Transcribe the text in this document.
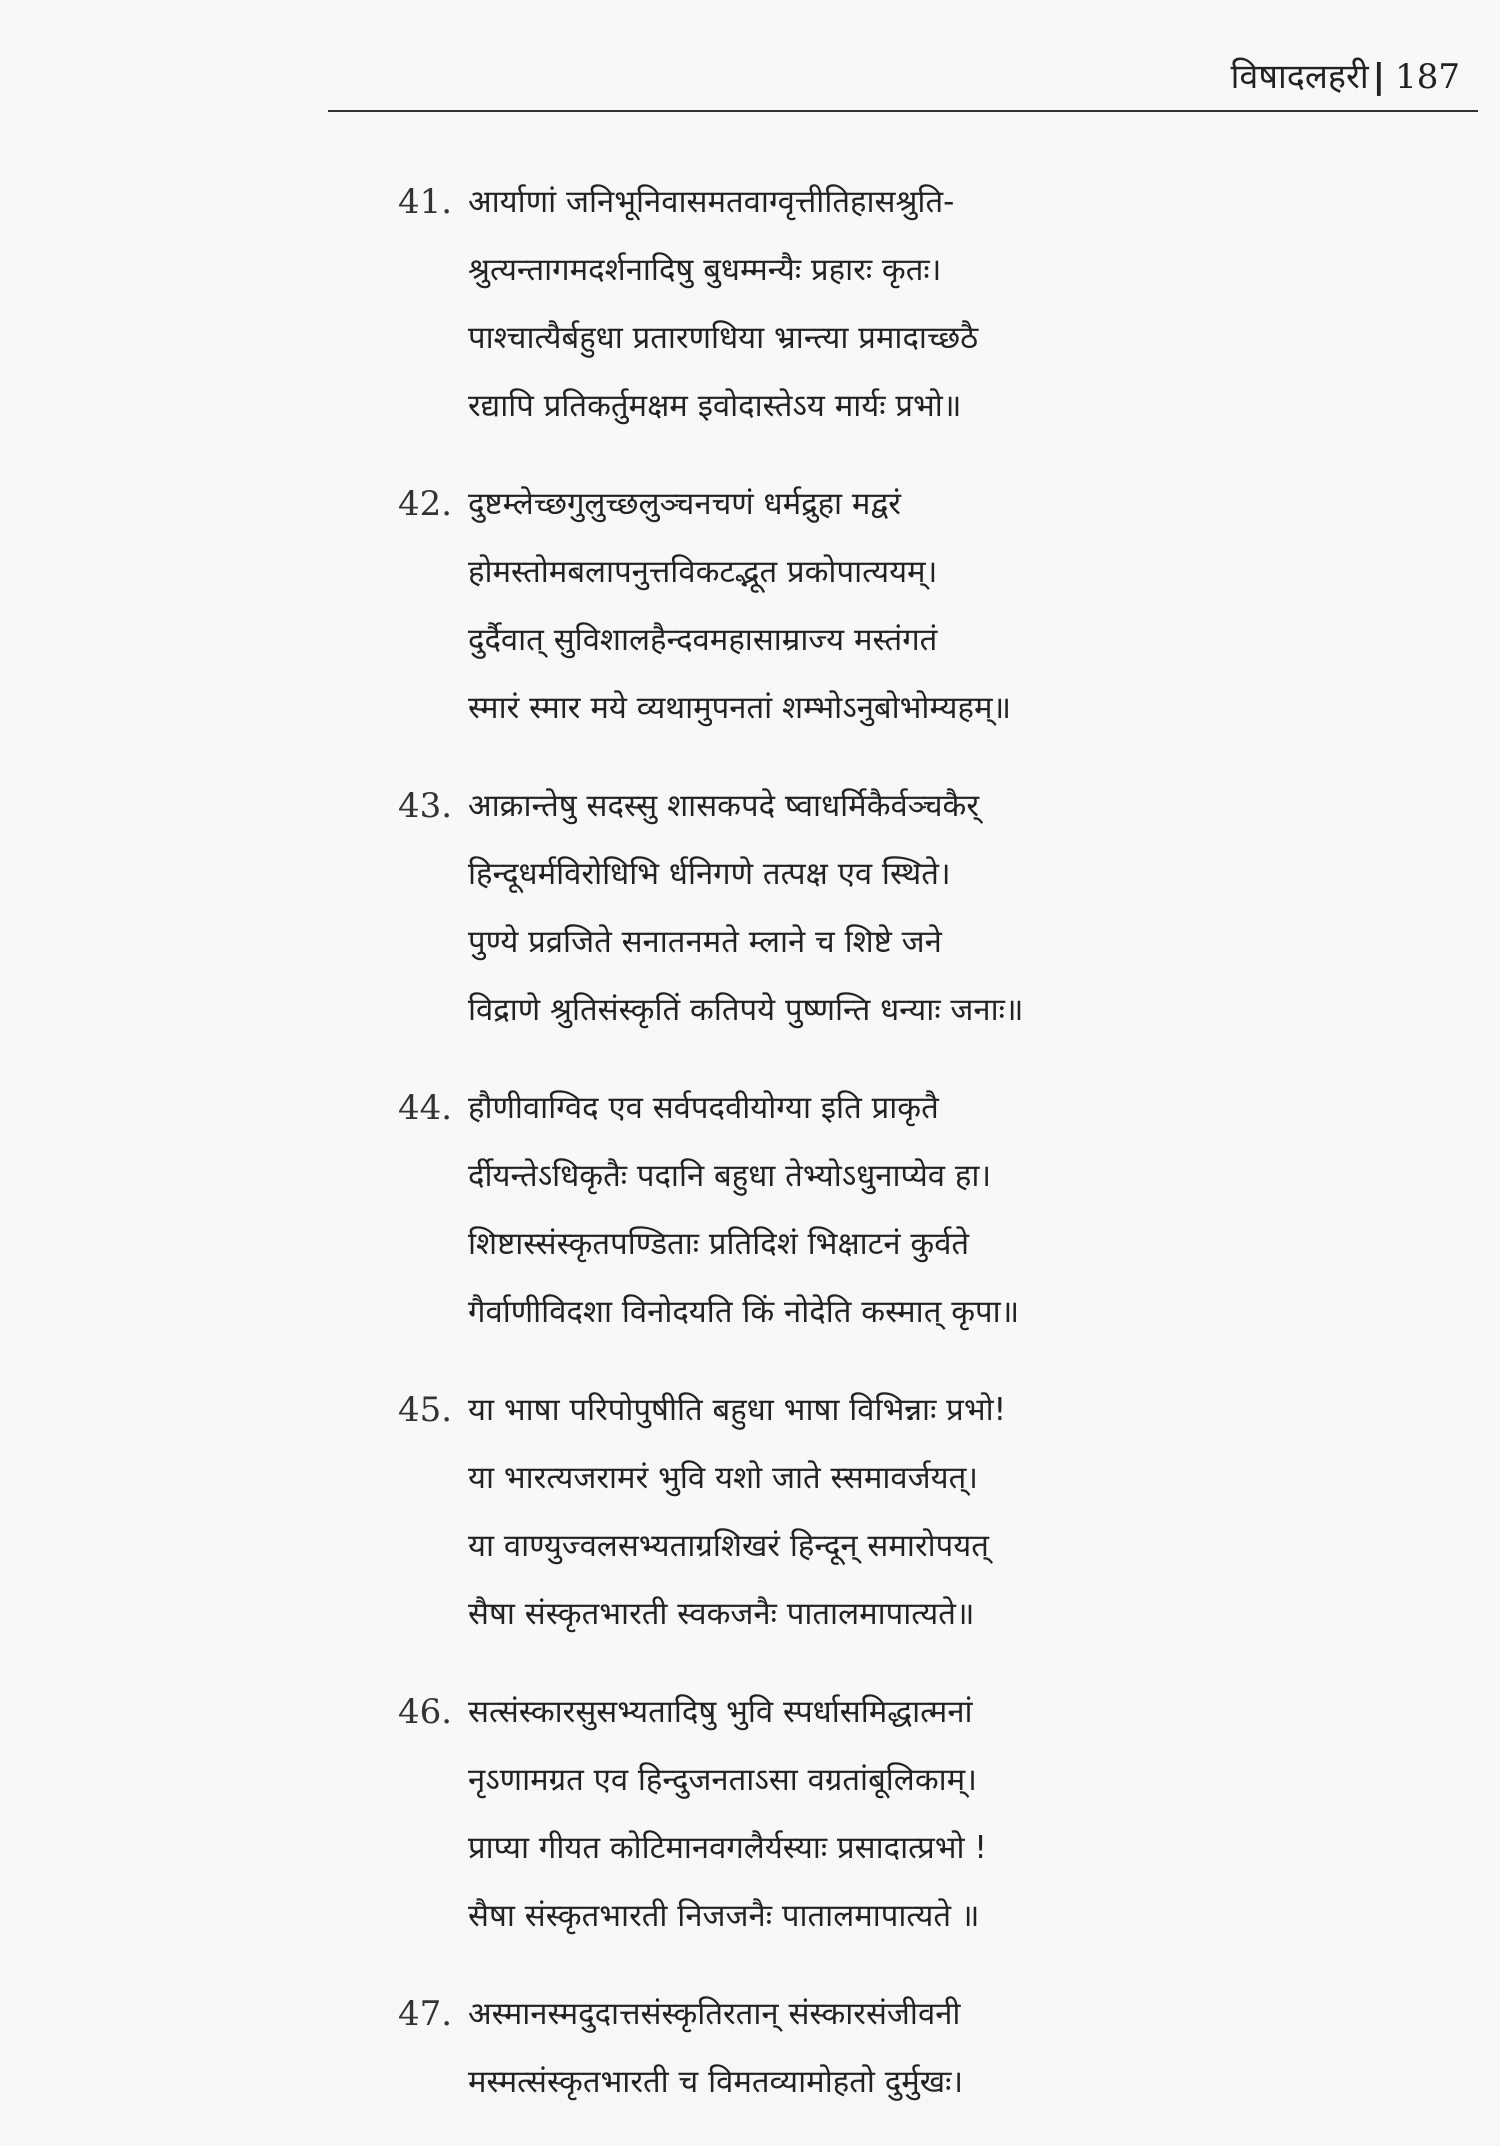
विषादलहरी | 187
41. आर्याणां जनिभूनिवासमतवाग्वृत्तीतिहासश्रुति-
श्रुत्यन्तागमदर्शनादिषु बुधम्मन्यैः प्रहारः कृतः।
पाश्चात्यैर्बहुधा प्रतारणधिया भ्रान्त्या प्रमादाच्छठै
रद्यापि प्रतिकर्तुमक्षम इवोदास्तेऽय मार्यः प्रभो॥
42. दुष्टम्लेच्छगुलुच्छलुञ्चनचणं धर्मद्रुहा मद्वरं
होमस्तोमबलापनुत्तविकटद्भूत प्रकोपात्ययम्।
दुर्दैवात् सुविशालहैन्दवमहासाम्राज्य मस्तंगतं
स्मारं स्मार मये व्यथामुपनतां शम्भोऽनुबोभोम्यहम्॥
43. आक्रान्तेषु सदस्सु शासकपदे ष्वाधर्मिकैर्वञ्चकैर्
हिन्दूधर्मविरोधिभि र्धनिगणे तत्पक्ष एव स्थिते।
पुण्ये प्रव्रजिते सनातनमते म्लाने च शिष्टे जने
विद्राणे श्रुतिसंस्कृतिं कतिपये पुष्णन्ति धन्याः जनाः॥
44. हौणीवाग्विद एव सर्वपदवीयोग्या इति प्राकृतै
र्दीयन्तेऽधिकृतैः पदानि बहुधा तेभ्योऽधुनाप्येव हा।
शिष्टास्संस्कृतपण्डिताः प्रतिदिशं भिक्षाटनं कुर्वते
गैर्वाणीविदशा विनोदयति किं नोदेति कस्मात् कृपा॥
45. या भाषा परिपोपुषीति बहुधा भाषा विभिन्नाः प्रभो!
या भारत्यजरामरं भुवि यशो जाते स्समावर्जयत्।
या वाण्युज्वलसभ्यताग्रशिखरं हिन्दून् समारोपयत्
सैषा संस्कृतभारती स्वकजनैः पातालमापात्यते॥
46. सत्संस्कारसुसभ्यतादिषु भुवि स्पर्धासमिद्धात्मनां
नृऽणामग्रत एव हिन्दुजनताऽसा वग्रतांबूलिकाम्।
प्राप्या गीयत कोटिमानवगलैर्यस्याः प्रसादात्प्रभो !
सैषा संस्कृतभारती निजजनैः पातालमापात्यते ॥
47. अस्मानस्मदुदात्तसंस्कृतिरतान् संस्कारसंजीवनी
मस्मत्संस्कृतभारती च विमतव्यामोहतो दुर्मुखः।
